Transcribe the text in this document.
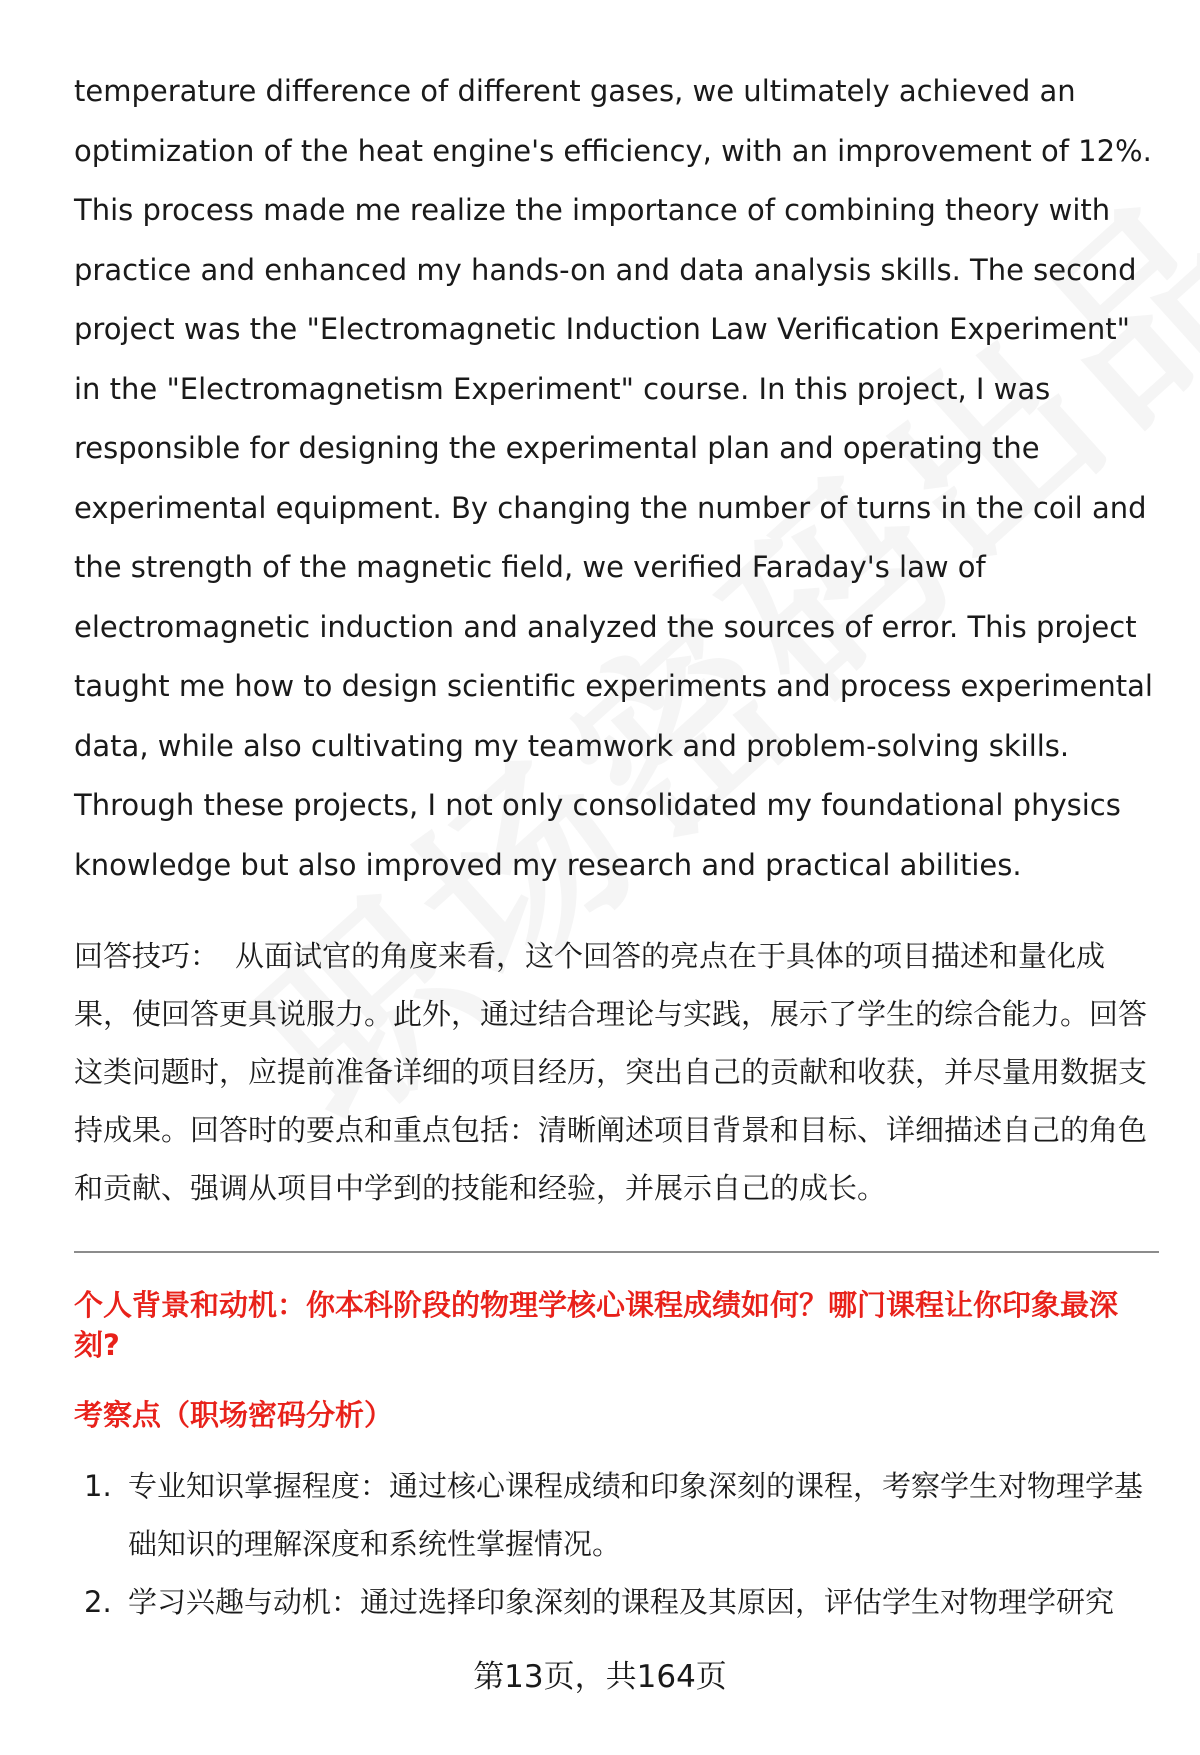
temperature difference of different gases, we ultimately achieved an optimization of the heat engine's efficiency, with an improvement of 12%. This process made me realize the importance of combining theory with practice and enhanced my hands-on and data analysis skills. The second project was the "Electromagnetic Induction Law Verification Experiment" in the "Electromagnetism Experiment" course. In this project, I was responsible for designing the experimental plan and operating the experimental equipment. By changing the number of turns in the coil and the strength of the magnetic field, we verified Faraday's law of electromagnetic induction and analyzed the sources of error. This project taught me how to design scientific experiments and process experimental data, while also cultivating my teamwork and problem-solving skills. Through these projects, I not only consolidated my foundational physics knowledge but also improved my research and practical abilities.

回答技巧： 从面试官的角度来看，这个回答的亮点在于具体的项目描述和量化成果，使回答更具说服力。此外，通过结合理论与实践，展示了学生的综合能力。回答这类问题时，应提前准备详细的项目经历，突出自己的贡献和收获，并尽量用数据支持成果。回答时的要点和重点包括：清晰阐述项目背景和目标、详细描述自己的角色和贡献、强调从项目中学到的技能和经验，并展示自己的成长。
个人背景和动机：你本科阶段的物理学核心课程成绩如何？哪门课程让你印象最深刻?
考察点（职场密码分析）
1. 专业知识掌握程度：通过核心课程成绩和印象深刻的课程，考察学生对物理学基础知识的理解深度和系统性掌握情况。
2. 学习兴趣与动机：通过选择印象深刻的课程及其原因，评估学生对物理学研究
第13页，共164页
